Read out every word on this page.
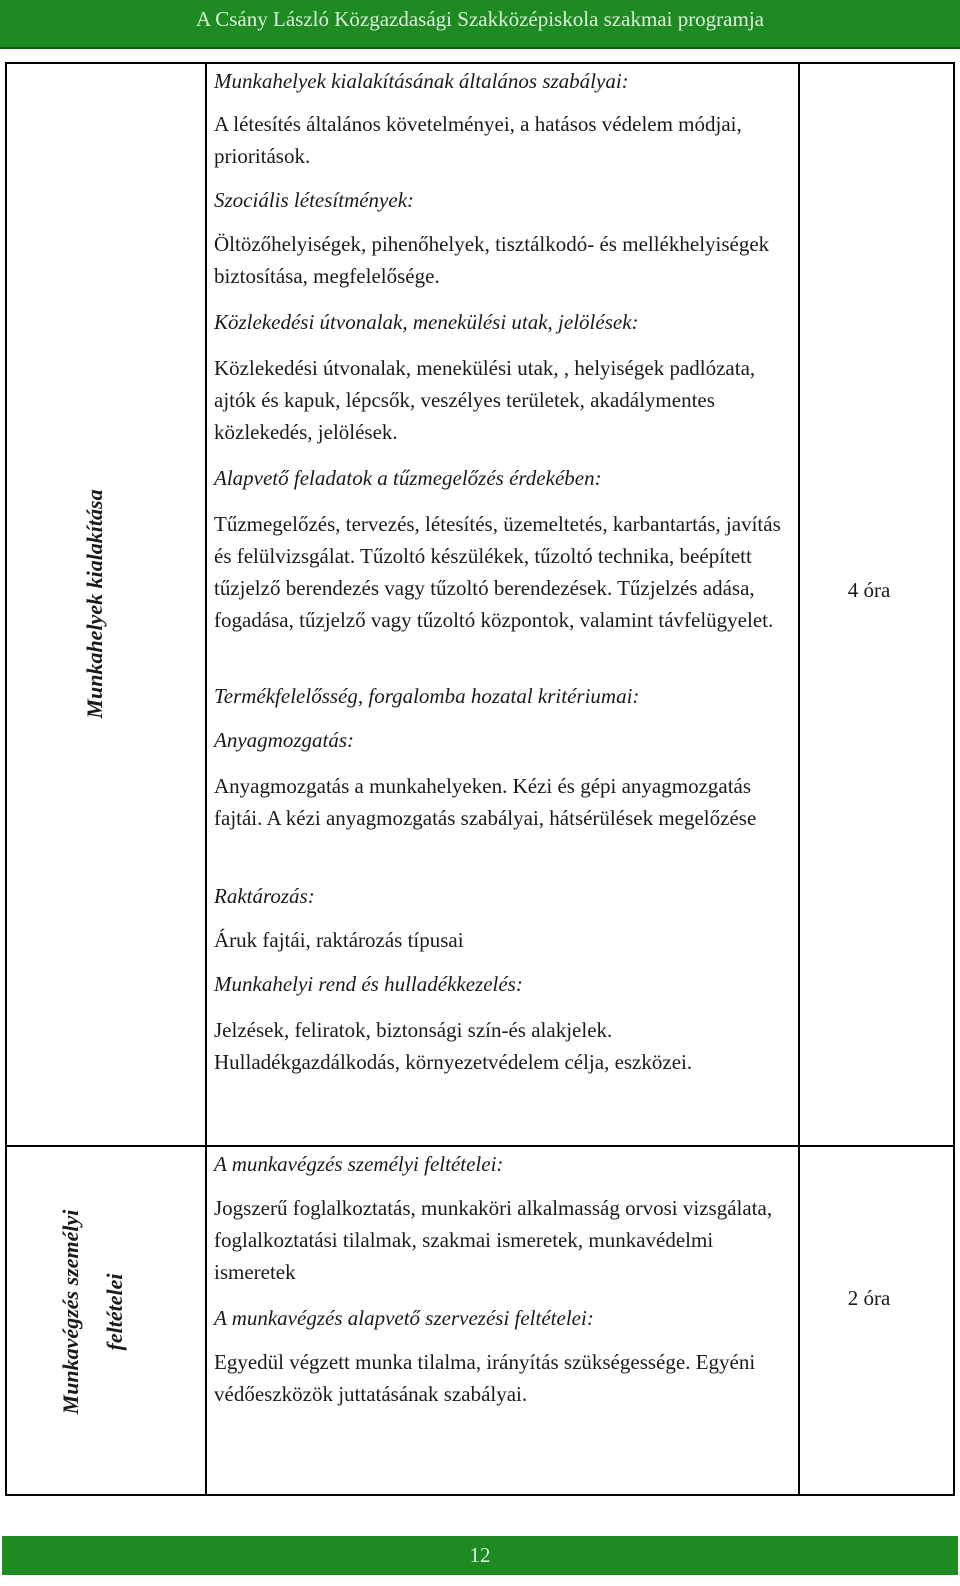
A Csány László Közgazdasági Szakközépiskola szakmai programja
Munkahelyek kialakítása

Munkahelyek kialakításának általános szabályai:

A létesítés általános követelményei, a hatásos védelem módjai, prioritások.

Szociális létesítmények:

Öltözőhelyiségek, pihenőhelyek, tisztálkodó- és mellékhelyiségek biztosítása, megfelelősége.

Közlekedési útvonalak, menekülési utak, jelölések:

Közlekedési útvonalak, menekülési utak, , helyiségek padlózata, ajtók és kapuk, lépcsők, veszélyes területek, akadálymentes közlekedés, jelölések.

Alapvető feladatok a tűzmegelőzés érdekében:

Tűzmegelőzés, tervezés, létesítés, üzemeltetés, karbantartás, javítás és felülvizsgálat. Tűzoltó készülékek, tűzoltó technika, beépített tűzjelző berendezés vagy tűzoltó berendezések. Tűzjelzés adása, fogadása, tűzjelző vagy tűzoltó központok, valamint távfelügyelet.

Termékfelelősség, forgalomba hozatal kritériumai:

Anyagmozgatás:

Anyagmozgatás a munkahelyeken. Kézi és gépi anyagmozgatás fajtái. A kézi anyagmozgatás szabályai, hátsérülések megelőzése

Raktározás:

Áruk fajtái, raktározás típusai

Munkahelyi rend és hulladékkezelés:

Jelzések, feliratok, biztonsági szín-és alakjelek. Hulladékgazdálkodás, környezetvédelem célja, eszközei.

4 óra
Munkavégzés személyi feltételei

A munkavégzés személyi feltételei:

Jogszerű foglalkoztatás, munkaköri alkalmasság orvosi vizsgálata, foglalkoztatási tilalmak, szakmai ismeretek, munkavédelmi ismeretek

A munkavégzés alapvető szervezési feltételei:

Egyedül végzett munka tilalma, irányítás szükségessége. Egyéni védőeszközök juttatásának szabályai.

2 óra
12
